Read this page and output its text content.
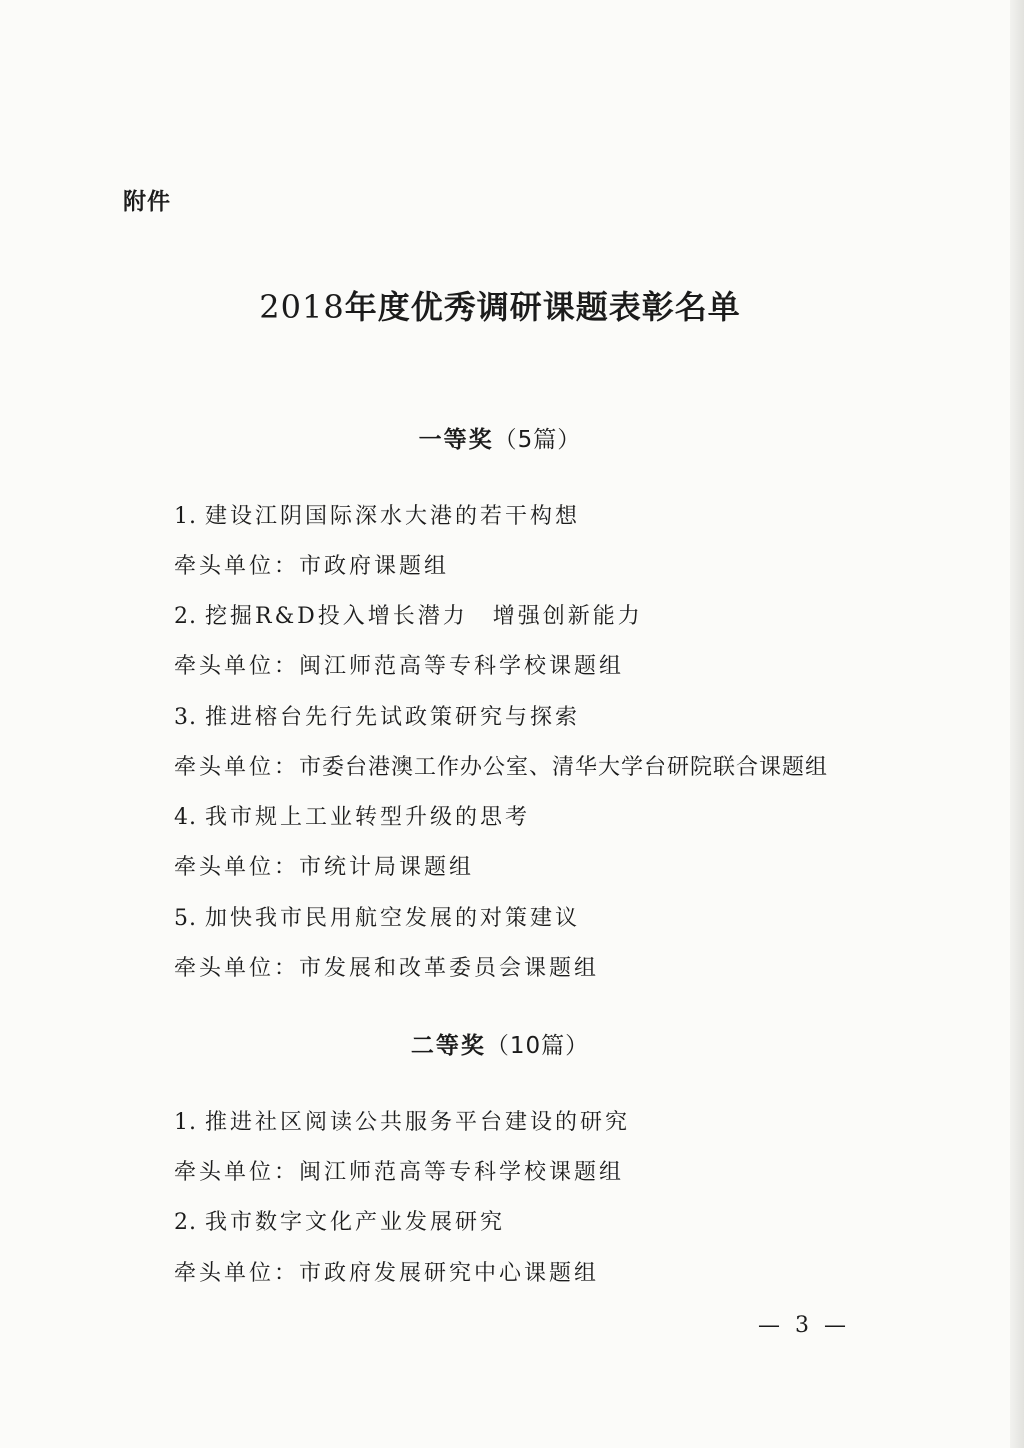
附件
2018年度优秀调研课题表彰名单
一等奖（5篇）
1. 建设江阴国际深水大港的若干构想
牵头单位：市政府课题组
2. 挖掘R&D投入增长潜力　增强创新能力
牵头单位：闽江师范高等专科学校课题组
3. 推进榕台先行先试政策研究与探索
牵头单位：市委台港澳工作办公室、清华大学台研院联合课题组
4. 我市规上工业转型升级的思考
牵头单位：市统计局课题组
5. 加快我市民用航空发展的对策建议
牵头单位：市发展和改革委员会课题组
二等奖（10篇）
1. 推进社区阅读公共服务平台建设的研究
牵头单位：闽江师范高等专科学校课题组
2. 我市数字文化产业发展研究
牵头单位：市政府发展研究中心课题组
— 3 —
